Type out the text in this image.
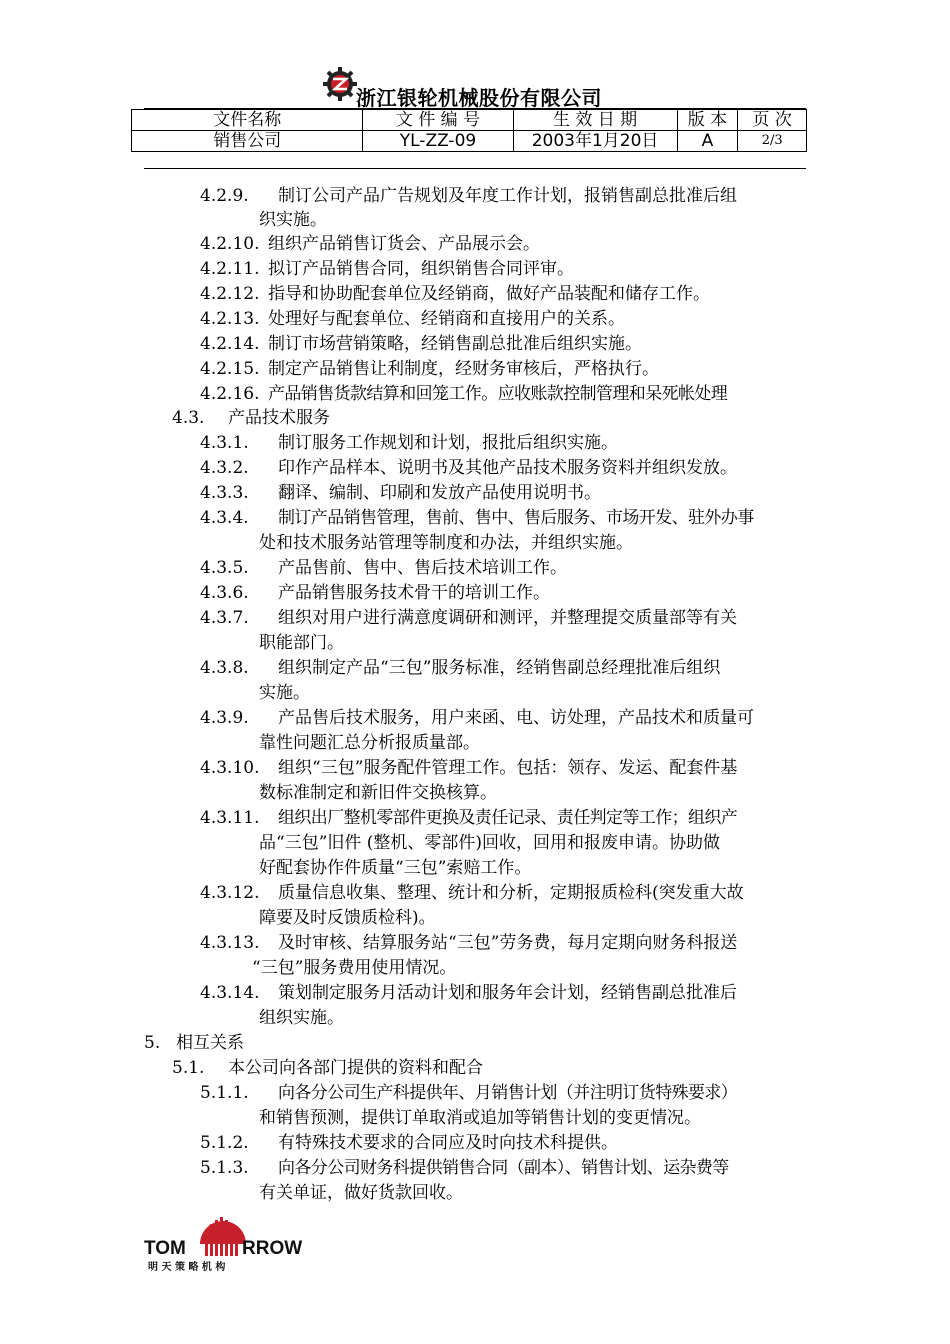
浙江银轮机械股份有限公司
文件名称	文 件 编 号	生 效 日 期	版 本	页 次
销售公司	YL-ZZ-09	2003年1月20日	A	2/3
4.2.9. 制订公司产品广告规划及年度工作计划，报销售副总批准后组
织实施。
4.2.10. 组织产品销售订货会、产品展示会。
4.2.11. 拟订产品销售合同，组织销售合同评审。
4.2.12. 指导和协助配套单位及经销商，做好产品装配和储存工作。
4.2.13. 处理好与配套单位、经销商和直接用户的关系。
4.2.14. 制订市场营销策略，经销售副总批准后组织实施。
4.2.15. 制定产品销售让利制度，经财务审核后，严格执行。
4.2.16. 产品销售货款结算和回笼工作。应收账款控制管理和呆死帐处理
4.3. 产品技术服务
4.3.1. 制订服务工作规划和计划，报批后组织实施。
4.3.2. 印作产品样本、说明书及其他产品技术服务资料并组织发放。
4.3.3. 翻译、编制、印刷和发放产品使用说明书。
4.3.4. 制订产品销售管理，售前、售中、售后服务、市场开发、驻外办事
处和技术服务站管理等制度和办法，并组织实施。
4.3.5. 产品售前、售中、售后技术培训工作。
4.3.6. 产品销售服务技术骨干的培训工作。
4.3.7. 组织对用户进行满意度调研和测评，并整理提交质量部等有关
职能部门。
4.3.8. 组织制定产品“三包”服务标准，经销售副总经理批准后组织
实施。
4.3.9. 产品售后技术服务，用户来函、电、访处理，产品技术和质量可
靠性问题汇总分析报质量部。
4.3.10. 组织“三包”服务配件管理工作。包括：领存、发运、配套件基
数标准制定和新旧件交换核算。
4.3.11. 组织出厂整机零部件更换及责任记录、责任判定等工作；组织产
品“三包”旧件 (整机、零部件)回收，回用和报废申请。协助做
好配套协作件质量“三包”索赔工作。
4.3.12. 质量信息收集、整理、统计和分析，定期报质检科(突发重大故
障要及时反馈质检科)。
4.3.13. 及时审核、结算服务站“三包”劳务费，每月定期向财务科报送
“三包”服务费用使用情况。
4.3.14. 策划制定服务月活动计划和服务年会计划，经销售副总批准后
组织实施。
5. 相互关系
5.1. 本公司向各部门提供的资料和配合
5.1.1. 向各分公司生产科提供年、月销售计划（并注明订货特殊要求）
和销售预测，提供订单取消或追加等销售计划的变更情况。
5.1.2. 有特殊技术要求的合同应及时向技术科提供。
5.1.3. 向各分公司财务科提供销售合同（副本）、销售计划、运杂费等
有关单证，做好货款回收。
TOM	RROW
明 天 策 略 机 构
